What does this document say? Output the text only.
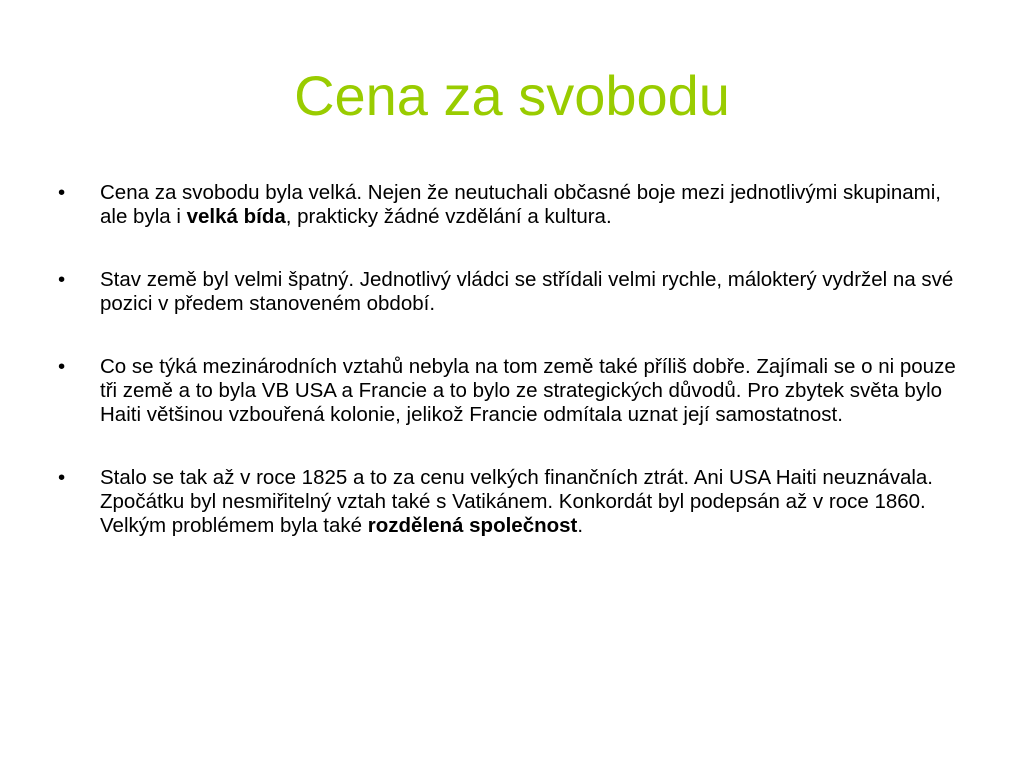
Cena za svobodu
•	Cena za svobodu byla velká. Nejen že neutuchali občasné boje mezi jednotlivými skupinami, ale byla i velká bída, prakticky žádné vzdělání a kultura.
•	Stav země byl velmi špatný. Jednotlivý vládci se střídali velmi rychle, málokterý vydržel na své pozici v předem stanoveném období.
•	Co se týká mezinárodních vztahů nebyla na tom země také příliš dobře. Zajímali se o ni pouze tři země a to byla VB USA a Francie a to bylo ze strategických důvodů. Pro zbytek světa bylo Haiti většinou vzbouřená kolonie, jelikož Francie odmítala uznat její samostatnost.
•	Stalo se tak až v roce 1825 a to za cenu velkých finančních ztrát. Ani USA Haiti neuznávala. Zpočátku byl nesmiřitelný vztah také s Vatikánem. Konkordát byl podepsán až v roce 1860. Velkým problémem byla také rozdělená společnost.
